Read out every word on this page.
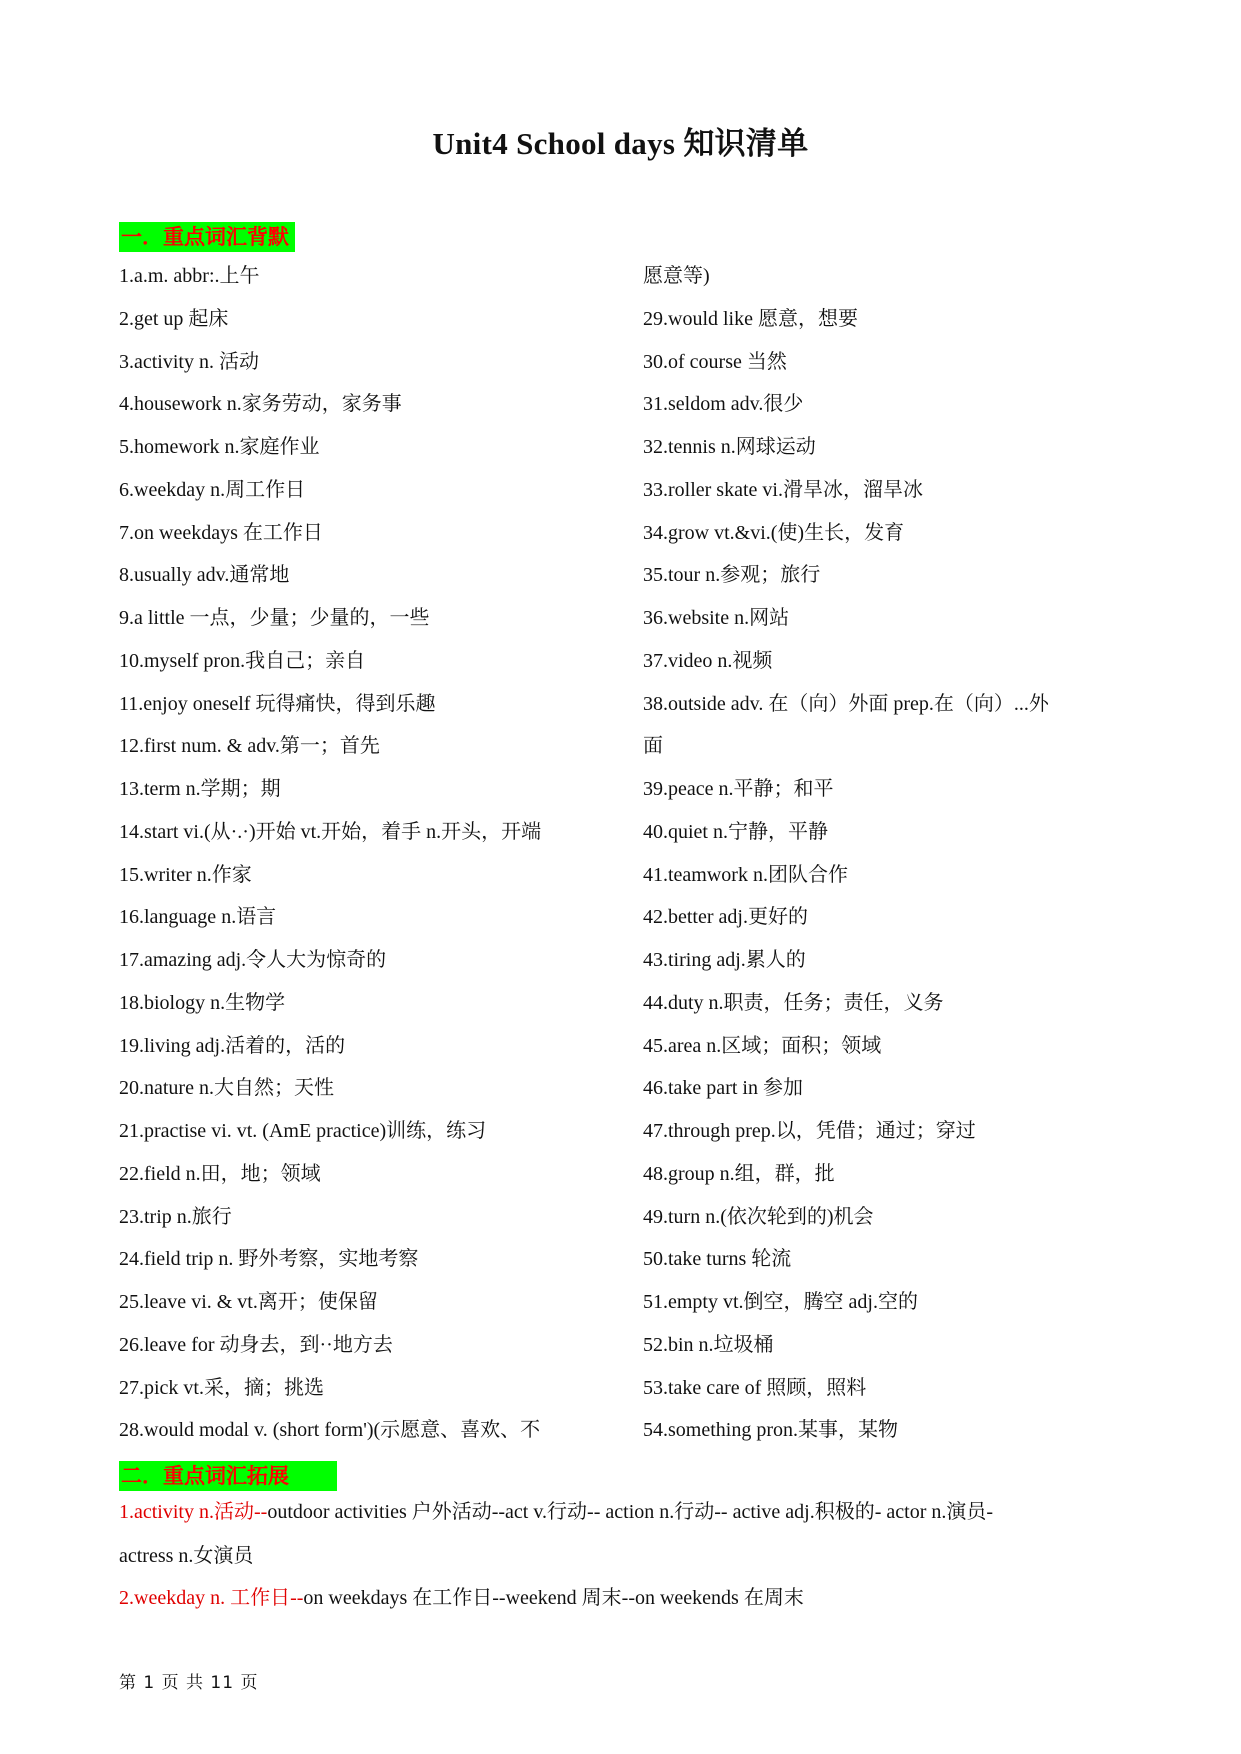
Unit4 School days 知识清单
一．重点词汇背默
1.a.m. abbr:.上午
2.get up 起床
3.activity n. 活动
4.housework n.家务劳动，家务事
5.homework n.家庭作业
6.weekday n.周工作日
7.on weekdays 在工作日
8.usually adv.通常地
9.a little 一点，少量；少量的，一些
10.myself pron.我自己；亲自
11.enjoy oneself 玩得痛快，得到乐趣
12.first num. & adv.第一；首先
13.term n.学期；期
14.start vi.(从·.·)开始 vt.开始，着手 n.开头，开端
15.writer n.作家
16.language n.语言
17.amazing adj.令人大为惊奇的
18.biology n.生物学
19.living adj.活着的，活的
20.nature n.大自然；天性
21.practise vi. vt. (AmE practice)训练，练习
22.field n.田，地；领域
23.trip n.旅行
24.field trip n. 野外考察，实地考察
25.leave vi. & vt.离开；使保留
26.leave for 动身去，到··地方去
27.pick vt.采，摘；挑选
28.would modal v. (short form')(示愿意、喜欢、不
愿意等)
29.would like 愿意，想要
30.of course 当然
31.seldom adv.很少
32.tennis n.网球运动
33.roller skate vi.滑旱冰，溜旱冰
34.grow vt.&vi.(使)生长，发育
35.tour n.参观；旅行
36.website n.网站
37.video n.视频
38.outside adv. 在（向）外面 prep.在（向）...外
面
39.peace n.平静；和平
40.quiet n.宁静，平静
41.teamwork n.团队合作
42.better adj.更好的
43.tiring adj.累人的
44.duty n.职责，任务；责任，义务
45.area n.区域；面积；领域
46.take part in 参加
47.through prep.以，凭借；通过；穿过
48.group n.组，群，批
49.turn n.(依次轮到的)机会
50.take turns 轮流
51.empty vt.倒空，腾空 adj.空的
52.bin n.垃圾桶
53.take care of 照顾，照料
54.something pron.某事，某物
二．重点词汇拓展
1.activity n.活动--outdoor activities 户外活动--act v.行动-- action n.行动-- active adj.积极的- actor n.演员-
actress n.女演员
2.weekday n. 工作日--on weekdays 在工作日--weekend 周末--on weekends 在周末
第 1 页 共 11 页
